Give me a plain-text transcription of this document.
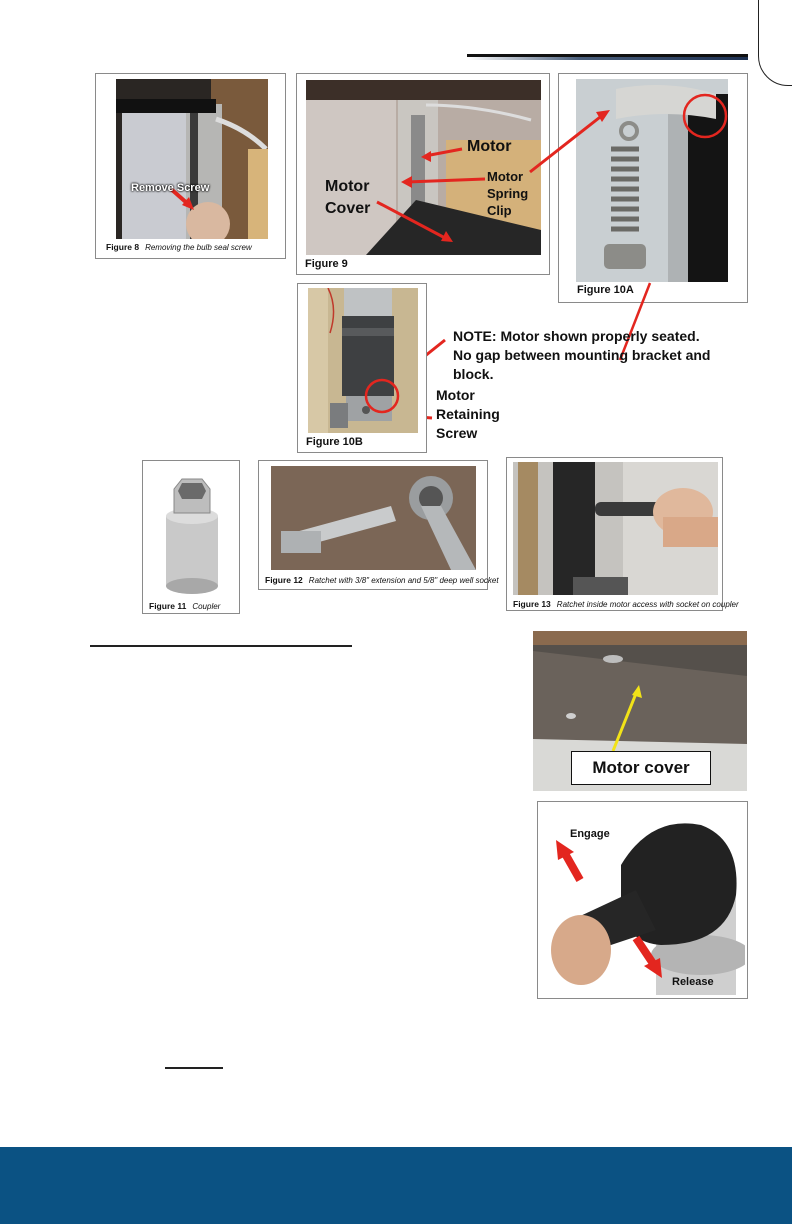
Remove Screw
Figure 8 Removing the bulb seal screw
Motor
Motor
Cover
Motor
Spring
Clip
Figure 9
Figure 10A
Figure 10B
NOTE: Motor shown properly seated.
No gap between mounting bracket and
block.
Motor
Retaining
Screw
Figure 11 Coupler
Figure 12 Ratchet with 3/8" extension and 5/8" deep well socket
Figure 13 Ratchet inside motor access with socket on coupler
Motor cover
Engage
Release
